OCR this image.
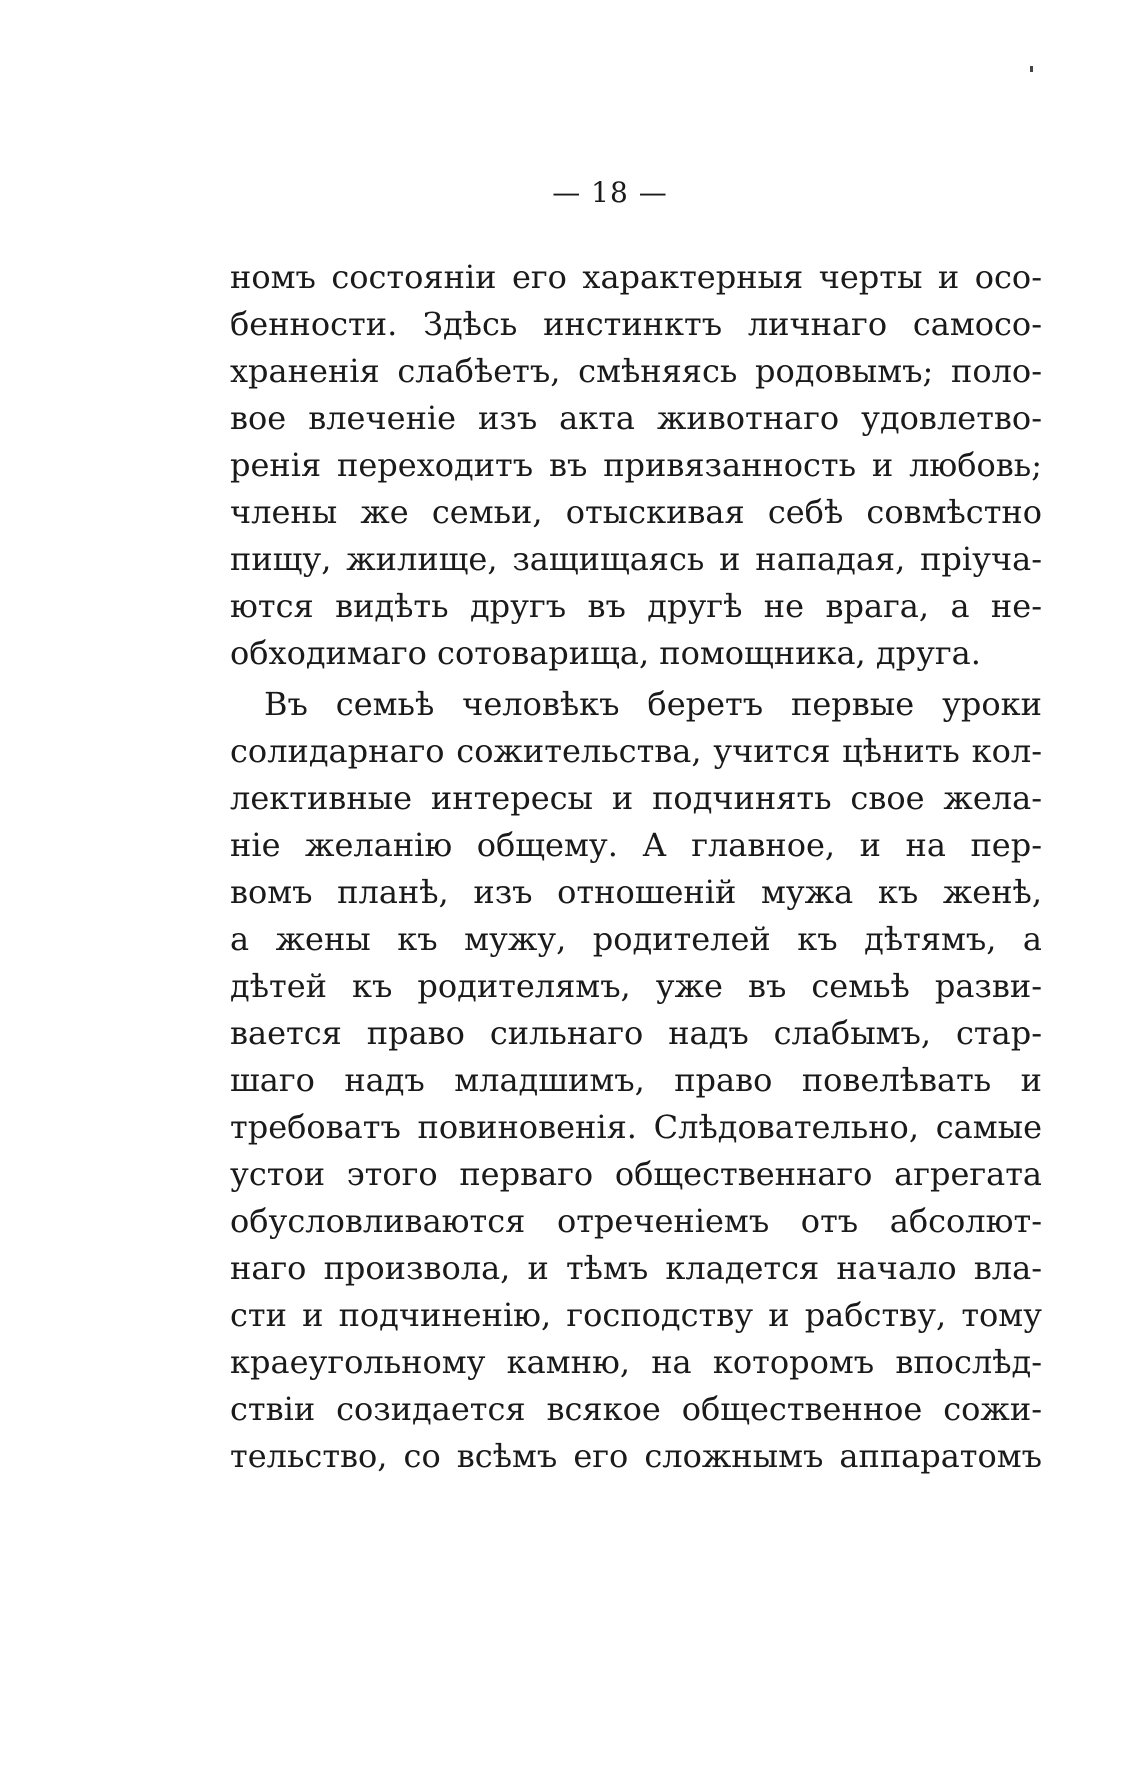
— 18 —
номъ состояніи его характерныя черты и осо-
бенности. Здѣсь инстинктъ личнаго самосо-
храненія слабѣетъ, смѣняясь родовымъ; поло-
вое влеченіе изъ акта животнаго удовлетво-
ренія переходитъ въ привязанность и любовь;
члены же семьи, отыскивая себѣ совмѣстно
пищу, жилище, защищаясь и нападая, пріуча-
ются видѣть другъ въ другѣ не врага, а не-
обходимаго сотоварища, помощника, друга.
Въ семьѣ человѣкъ беретъ первые уроки
солидарнаго сожительства, учится цѣнить кол-
лективные интересы и подчинять свое жела-
ніе желанію общему. А главное, и на пер-
вомъ планѣ, изъ отношеній мужа къ женѣ,
а жены къ мужу, родителей къ дѣтямъ, а
дѣтей къ родителямъ, уже въ семьѣ разви-
вается право сильнаго надъ слабымъ, стар-
шаго надъ младшимъ, право повелѣвать и
требоватъ повиновенія. Слѣдовательно, самые
устои этого перваго общественнаго агрегата
обусловливаются отреченіемъ отъ абсолют-
наго произвола, и тѣмъ кладется начало вла-
сти и подчиненію, господству и рабству, тому
краеугольному камню, на которомъ впослѣд-
ствіи созидается всякое общественное сожи-
тельство, со всѣмъ его сложнымъ аппаратомъ
